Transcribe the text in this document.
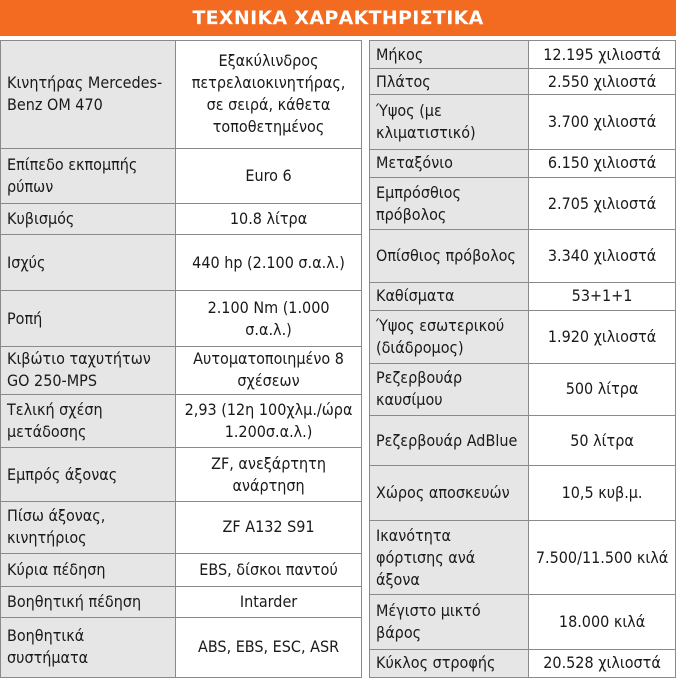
ΤΕΧΝΙΚΑ ΧΑΡΑΚΤΗΡΙΣΤΙΚΑ
Κινητήρας Mercedes-Benz OM 470	Εξακύλινδρος πετρελαιοκινητήρας, σε σειρά, κάθετα τοποθετημένος
Επίπεδο εκπομπής ρύπων	Euro 6
Κυβισμός	10.8 λίτρα
Ισχύς	440 hp (2.100 σ.α.λ.)
Ροπή	2.100 Nm (1.000 σ.α.λ.)
Κιβώτιο ταχυτήτων GO 250-MPS	Αυτοματοποιημένο 8 σχέσεων
Τελική σχέση μετάδοσης	2,93 (12η 100χλμ./ώρα 1.200σ.α.λ.)
Εμπρός άξονας	ZF, ανεξάρτητη ανάρτηση
Πίσω άξονας, κινητήριος	ZF A132 S91
Κύρια πέδηση	EBS, δίσκοι παντού
Βοηθητική πέδηση	Intarder
Βοηθητικά συστήματα	ABS, EBS, ESC, ASR
Μήκος	12.195 χιλιοστά
Πλάτος	2.550 χιλιοστά
Ύψος (με κλιματιστικό)	3.700 χιλιοστά
Μεταξόνιο	6.150 χιλιοστά
Εμπρόσθιος πρόβολος	2.705 χιλιοστά
Οπίσθιος πρόβολος	3.340 χιλιοστά
Καθίσματα	53+1+1
Ύψος εσωτερικού (διάδρομος)	1.920 χιλιοστά
Ρεζερβουάρ καυσίμου	500 λίτρα
Ρεζερβουάρ AdBlue	50 λίτρα
Χώρος αποσκευών	10,5 κυβ.μ.
Ικανότητα φόρτισης ανά άξονα	7.500/11.500 κιλά
Μέγιστο μικτό βάρος	18.000 κιλά
Κύκλος στροφής	20.528 χιλιοστά
